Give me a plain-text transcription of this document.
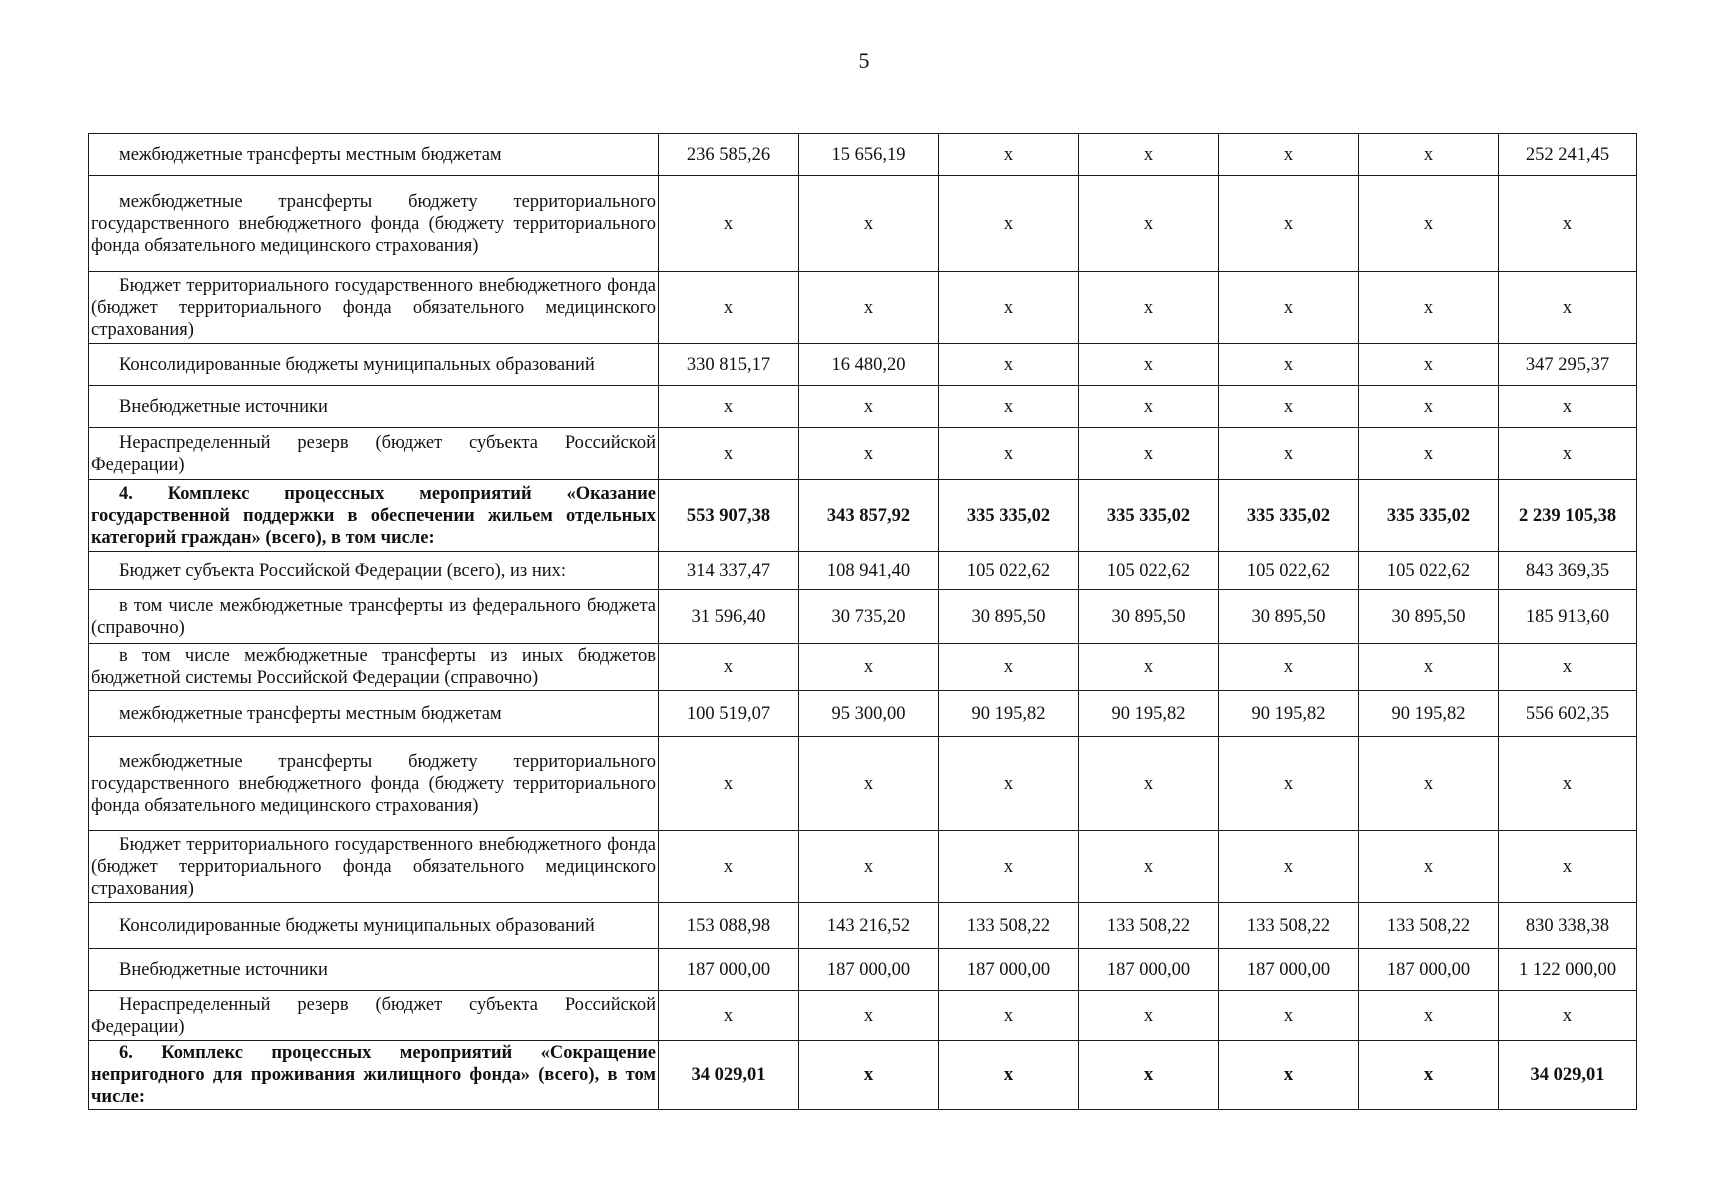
5
межбюджетные трансферты местным бюджетам	236 585,26	15 656,19	x	x	x	x	252 241,45
межбюджетные трансферты бюджету территориального государственного внебюджетного фонда (бюджету территориального фонда обязательного медицинского страхования)	x	x	x	x	x	x	x
Бюджет территориального государственного внебюджетного фонда (бюджет территориального фонда обязательного медицинского страхования)	x	x	x	x	x	x	x
Консолидированные бюджеты муниципальных образований	330 815,17	16 480,20	x	x	x	x	347 295,37
Внебюджетные источники	x	x	x	x	x	x	x
Нераспределенный резерв (бюджет субъекта Российской Федерации)	x	x	x	x	x	x	x
4. Комплекс процессных мероприятий «Оказание государственной поддержки в обеспечении жильем отдельных категорий граждан» (всего), в том числе:	553 907,38	343 857,92	335 335,02	335 335,02	335 335,02	335 335,02	2 239 105,38
Бюджет субъекта Российской Федерации (всего), из них:	314 337,47	108 941,40	105 022,62	105 022,62	105 022,62	105 022,62	843 369,35
в том числе межбюджетные трансферты из федерального бюджета (справочно)	31 596,40	30 735,20	30 895,50	30 895,50	30 895,50	30 895,50	185 913,60
в том числе межбюджетные трансферты из иных бюджетов бюджетной системы Российской Федерации (справочно)	x	x	x	x	x	x	x
межбюджетные трансферты местным бюджетам	100 519,07	95 300,00	90 195,82	90 195,82	90 195,82	90 195,82	556 602,35
межбюджетные трансферты бюджету территориального государственного внебюджетного фонда (бюджету территориального фонда обязательного медицинского страхования)	x	x	x	x	x	x	x
Бюджет территориального государственного внебюджетного фонда (бюджет территориального фонда обязательного медицинского страхования)	x	x	x	x	x	x	x
Консолидированные бюджеты муниципальных образований	153 088,98	143 216,52	133 508,22	133 508,22	133 508,22	133 508,22	830 338,38
Внебюджетные источники	187 000,00	187 000,00	187 000,00	187 000,00	187 000,00	187 000,00	1 122 000,00
Нераспределенный резерв (бюджет субъекта Российской Федерации)	x	x	x	x	x	x	x
6. Комплекс процессных мероприятий «Сокращение непригодного для проживания жилищного фонда» (всего), в том числе:	34 029,01	x	x	x	x	x	34 029,01
